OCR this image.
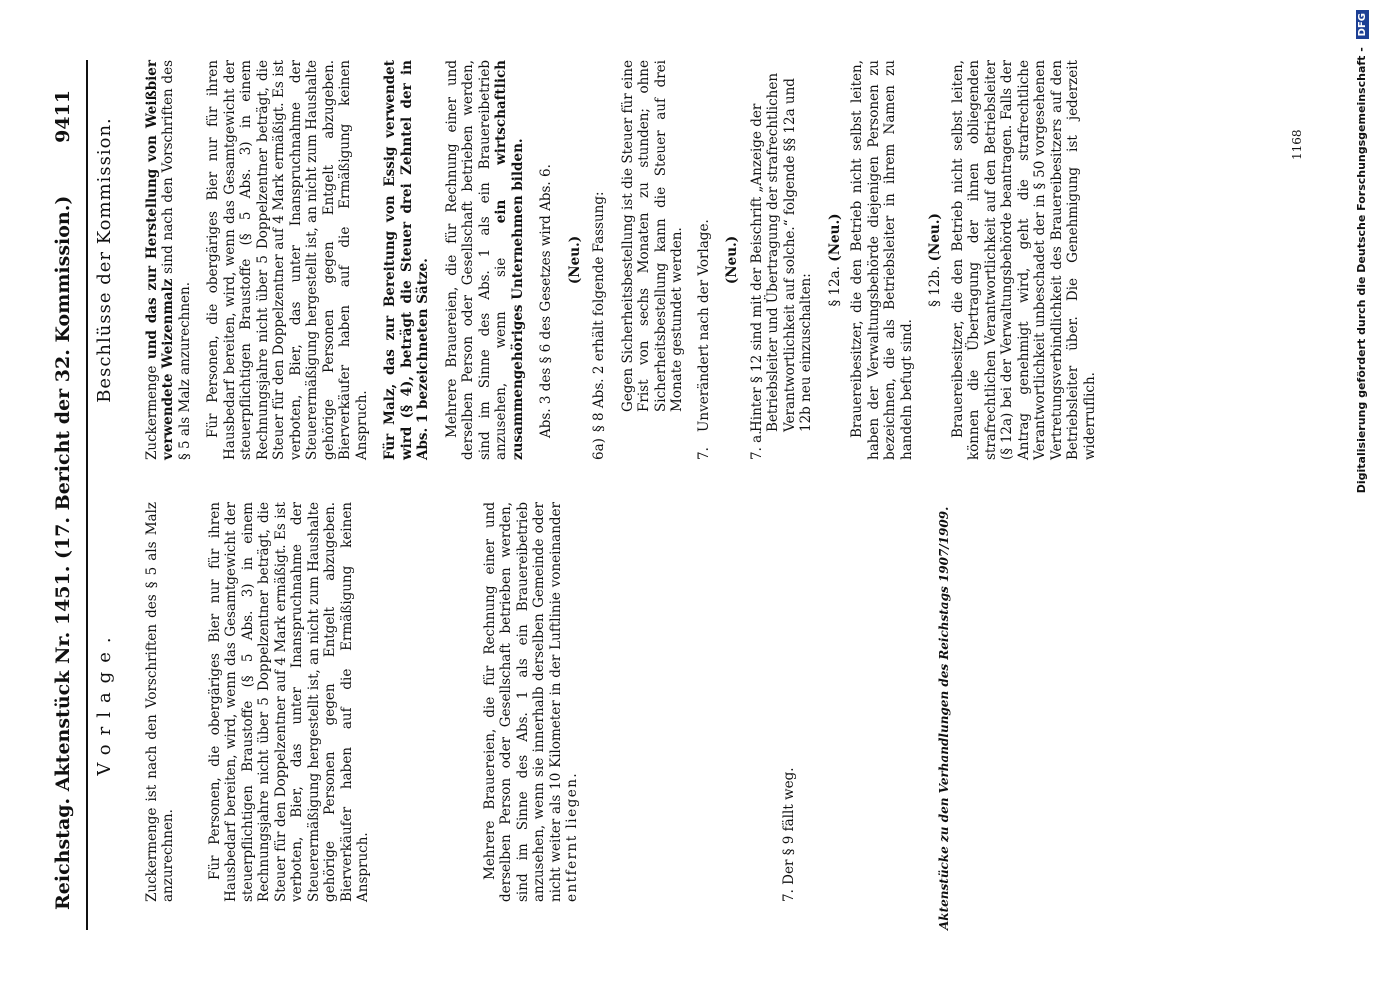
Reichstag. Aktenstück Nr. 1451. (17. Bericht der 32. Kommission.)
9411
Vorlage. Zuckermenge ist nach den Vorschriften des § 5 als Malz anzurechnen. Für Personen, die obergäriges Bier nur für ihren Hausbedarf bereiten, wird, wenn das Gesamtgewicht der steuerpflichtigen Braustoffe (§ 5 Abs. 3) in einem Rechnungsjahre nicht über 5 Doppelzentner beträgt, die Steuer für den Doppelzentner auf 4 Mark ermäßigt. Es ist verboten, Bier, das unter Inanspruchnahme der Steuerermäßigung hergestellt ist, an nicht zum Haushalte gehörige Personen gegen Entgelt abzugeben. Bierverkäufer haben auf die Ermäßigung keinen Anspruch.	Mehrere Brauereien, die für Rechnung einer und derselben Person oder Gesellschaft betrieben werden, sind im Sinne des Abs. 1 als ein Brauereibetrieb anzusehen, wenn sie innerhalb derselben Gemeinde oder nicht weiter als 10 Kilometer in der Luftlinie voneinander entfernt liegen.	7. Der § 9 fällt weg.

Beschlüsse der Kommission.

Zuckermenge und das zur Herstellung von Weißbier verwendete Weizenmalz sind nach den Vorschriften des § 5 als Malz anzurechnen. Für Personen, die obergäriges Bier nur für ihren Hausbedarf bereiten, wird, wenn das Gesamtgewicht der steuerpflichtigen Braustoffe (§ 5 Abs. 3) in einem Rechnungsjahre nicht über 5 Doppelzentner beträgt, die Steuer für den Doppelzentner auf 4 Mark ermäßigt. Es ist verboten, Bier, das unter Inanspruchnahme der Steuerermäßigung hergestellt ist, an nicht zum Haushalte gehörige Personen gegen Entgelt abzugeben. Bierverkäufer haben auf die Ermäßigung keinen Anspruch. Für Malz, das zur Bereitung von Essig verwendet wird (§ 4), beträgt die Steuer drei Zehntel der in Abs. 1 bezeichneten Sätze. Mehrere Brauereien, die für Rechnung einer und derselben Person oder Gesellschaft betrieben werden, sind im Sinne des Abs. 1 als ein Brauereibetrieb anzusehen, wenn sie ein wirtschaftlich zusammengehöriges Unternehmen bilden. Abs. 3 des § 6 des Gesetzes wird Abs. 6. (Neu.)
6a)
§ 8 Abs. 2 erhält folgende Fassung: Gegen Sicherheitsbestellung ist die Steuer für eine Frist von sechs Monaten zu stunden; ohne Sicherheitsbestellung kann die Steuer auf drei Monate gestundet werden.

7.
Unverändert nach der Vorlage. (Neu.)
7. a.
Hinter § 12 sind mit der Beischrift „Anzeige der Betriebsleiter und Übertragung der strafrechtlichen Verantwortlichkeit auf solche.“ folgende §§ 12a und 12b neu einzuschalten: § 12a. (Neu.) Brauereibesitzer, die den Betrieb nicht selbst leiten, haben der Verwaltungsbehörde diejenigen Personen zu bezeichnen, die als Betriebsleiter in ihrem Namen zu handeln befugt sind.

§ 12b. (Neu.) Brauereibesitzer, die den Betrieb nicht selbst leiten, können die Übertragung der ihnen obliegenden strafrechtlichen Verantwortlichkeit auf den Betriebsleiter (§ 12a) bei der Verwaltungsbehörde beantragen. Falls der Antrag genehmigt wird, geht die strafrechtliche Verantwortlichkeit unbeschadet der in § 50 vorgesehenen Vertretungsverbindlichkeit des Brauereibesitzers auf den Betriebsleiter über. Die Genehmigung ist jederzeit widerruflich.

Aktenstücke zu den Verhandlungen des Reichstags 1907/1909.
1168	Digitalisierung gefördert durch die Deutsche Forschungsgemeinschaft - DFG
